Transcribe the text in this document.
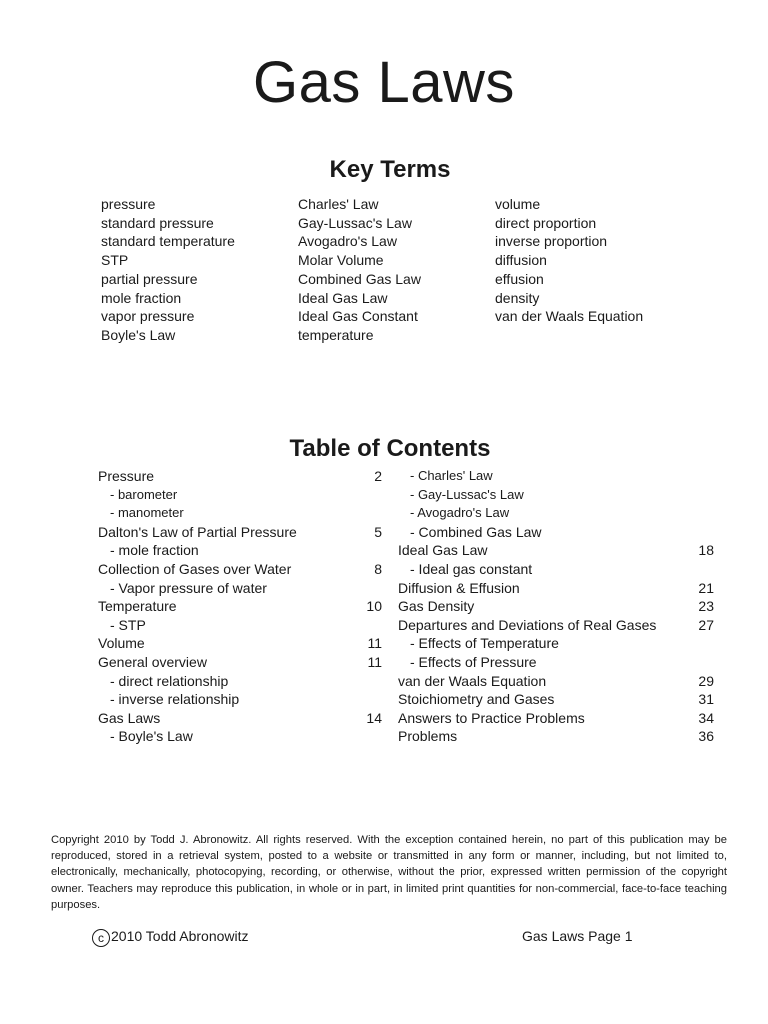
Gas Laws
Key Terms
pressure
standard pressure
standard temperature
STP
partial pressure
mole fraction
vapor pressure
Boyle's Law
Charles' Law
Gay-Lussac's Law
Avogadro's Law
Molar Volume
Combined Gas Law
Ideal Gas Law
Ideal Gas Constant
temperature
volume
direct proportion
inverse proportion
diffusion
effusion
density
van der Waals Equation
Table of Contents
Pressure	2
- barometer
- manometer
Dalton's Law of Partial Pressure	5
- mole fraction
Collection of Gases over Water	8
- Vapor pressure of water
Temperature	10
- STP
Volume	11
General overview	11
- direct relationship
- inverse relationship
Gas Laws	14
- Boyle's Law
- Charles' Law
- Gay-Lussac's Law
- Avogadro's Law
- Combined Gas Law
Ideal Gas Law	18
- Ideal gas constant
Diffusion & Effusion	21
Gas Density	23
Departures and Deviations of Real Gases	27
- Effects of Temperature
- Effects of Pressure
van der Waals Equation	29
Stoichiometry and Gases	31
Answers to Practice Problems	34
Problems	36
Copyright 2010 by Todd J. Abronowitz. All rights reserved. With the exception contained herein, no part of this publication may be reproduced, stored in a retrieval system, posted to a website or transmitted in any form or manner, including, but not limited to, electronically, mechanically, photocopying, recording, or otherwise, without the prior, expressed written permission of the copyright owner. Teachers may reproduce this publication, in whole or in part, in limited print quantities for non-commercial, face-to-face teaching purposes.
c 2010 Todd Abronowitz	Gas Laws Page 1
